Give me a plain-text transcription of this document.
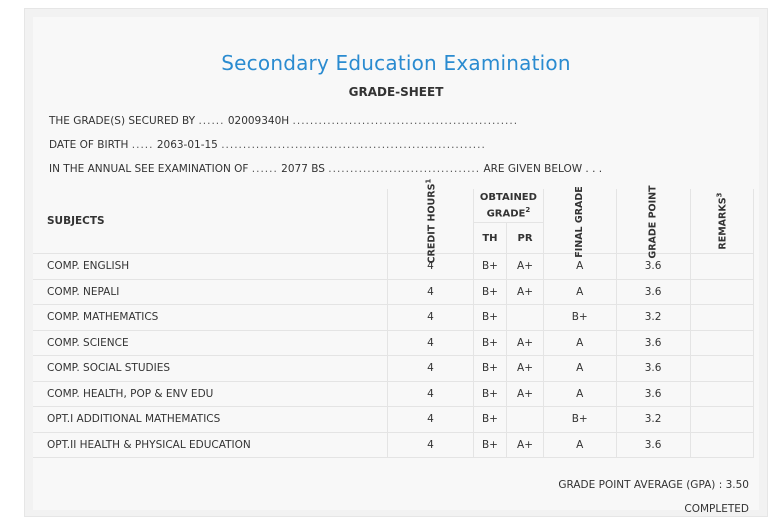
Secondary Education Examination
GRADE-SHEET
THE GRADE(S) SECURED BY ...... 02009340H ....................................................
DATE OF BIRTH ..... 2063-01-15 .............................................................
IN THE ANNUAL SEE EXAMINATION OF ...... 2077 BS ................................... ARE GIVEN BELOW . . .
SUBJECTS	CREDIT HOURS$^1$	OBTAINED GRADE$^2$		FINAL GRADE	GRADE POINT	REMARKS$^3$
		TH	PR			
COMP. ENGLISH	4	B+	A+	A	3.6	
COMP. NEPALI	4	B+	A+	A	3.6	
COMP. MATHEMATICS	4	B+		B+	3.2	
COMP. SCIENCE	4	B+	A+	A	3.6	
COMP. SOCIAL STUDIES	4	B+	A+	A	3.6	
COMP. HEALTH, POP & ENV EDU	4	B+	A+	A	3.6	
OPT.I ADDITIONAL MATHEMATICS	4	B+		B+	3.2	
OPT.II HEALTH & PHYSICAL EDUCATION	4	B+	A+	A	3.6	
GRADE POINT AVERAGE (GPA) : 3.50
COMPLETED
